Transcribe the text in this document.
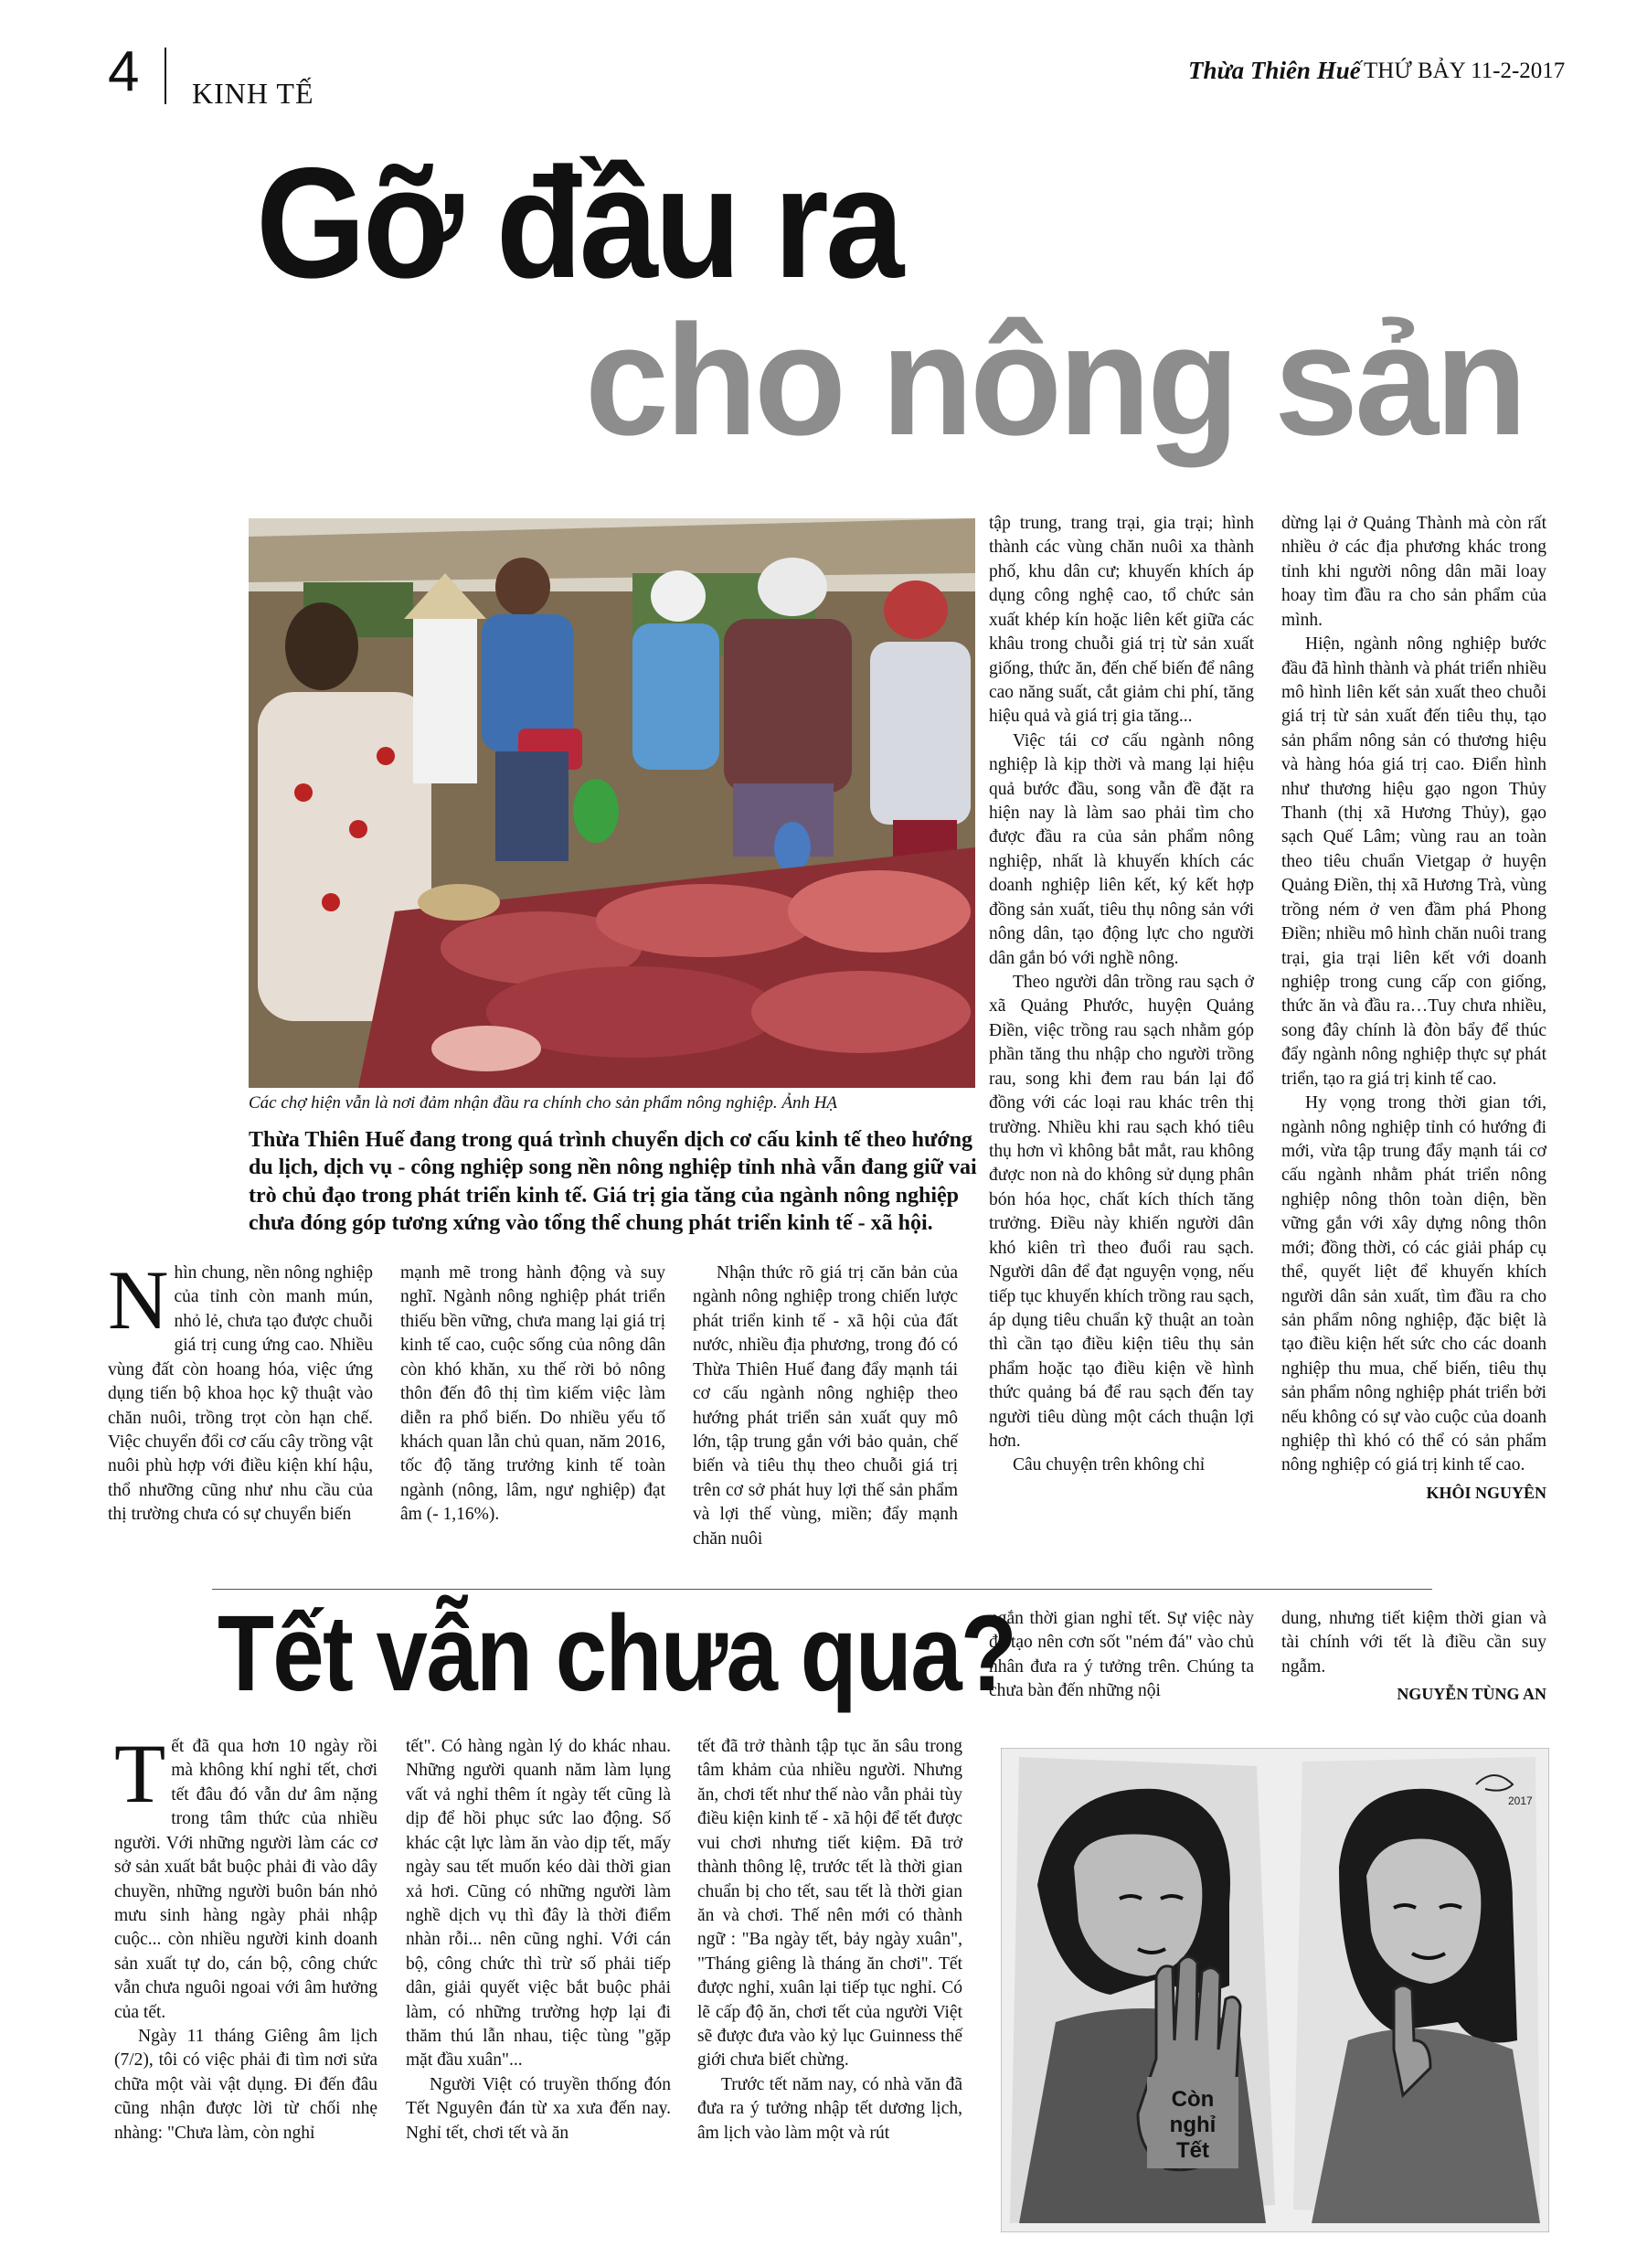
4 KINH TẾ
Thừa Thiên Huế THỨ BẢY 11-2-2017
Gỡ đầu ra
cho nông sản
Các chợ hiện vẫn là nơi đảm nhận đầu ra chính cho sản phẩm nông nghiệp. Ảnh HẠ
Thừa Thiên Huế đang trong quá trình chuyển dịch cơ cấu kinh tế theo hướng du lịch, dịch vụ - công nghiệp song nền nông nghiệp tỉnh nhà vẫn đang giữ vai trò chủ đạo trong phát triển kinh tế. Giá trị gia tăng của ngành nông nghiệp chưa đóng góp tương xứng vào tổng thể chung phát triển kinh tế - xã hội.

Nhìn chung, nền nông nghiệp của tỉnh còn manh mún, nhỏ lẻ, chưa tạo được chuỗi giá trị cung ứng cao. Nhiều vùng đất còn hoang hóa, việc ứng dụng tiến bộ khoa học kỹ thuật vào chăn nuôi, trồng trọt còn hạn chế. Việc chuyển đổi cơ cấu cây trồng vật nuôi phù hợp với điều kiện khí hậu, thổ nhưỡng cũng như nhu cầu của thị trường chưa có sự chuyển biến

mạnh mẽ trong hành động và suy nghĩ. Ngành nông nghiệp phát triển thiếu bền vững, chưa mang lại giá trị kinh tế cao, cuộc sống của nông dân còn khó khăn, xu thế rời bỏ nông thôn đến đô thị tìm kiếm việc làm diễn ra phổ biến. Do nhiều yếu tố khách quan lẫn chủ quan, năm 2016, tốc độ tăng trưởng kinh tế toàn ngành (nông, lâm, ngư nghiệp) đạt âm (- 1,16%).

Nhận thức rõ giá trị căn bản của ngành nông nghiệp trong chiến lược phát triển kinh tế - xã hội của đất nước, nhiều địa phương, trong đó có Thừa Thiên Huế đang đẩy mạnh tái cơ cấu ngành nông nghiệp theo hướng phát triển sản xuất quy mô lớn, tập trung gắn với bảo quản, chế biến và tiêu thụ theo chuỗi giá trị trên cơ sở phát huy lợi thế sản phẩm và lợi thế vùng, miền; đẩy mạnh chăn nuôi

tập trung, trang trại, gia trại; hình thành các vùng chăn nuôi xa thành phố, khu dân cư; khuyến khích áp dụng công nghệ cao, tổ chức sản xuất khép kín hoặc liên kết giữa các khâu trong chuỗi giá trị từ sản xuất giống, thức ăn, đến chế biến để nâng cao năng suất, cắt giảm chi phí, tăng hiệu quả và giá trị gia tăng...

Việc tái cơ cấu ngành nông nghiệp là kịp thời và mang lại hiệu quả bước đầu, song vẫn đề đặt ra hiện nay là làm sao phải tìm cho được đầu ra của sản phẩm nông nghiệp, nhất là khuyến khích các doanh nghiệp liên kết, ký kết hợp đồng sản xuất, tiêu thụ nông sản với nông dân, tạo động lực cho người dân gắn bó với nghề nông.

Theo người dân trồng rau sạch ở xã Quảng Phước, huyện Quảng Điền, việc trồng rau sạch nhằm góp phần tăng thu nhập cho người trồng rau, song khi đem rau bán lại đổ đồng với các loại rau khác trên thị trường. Nhiều khi rau sạch khó tiêu thụ hơn vì không bắt mắt, rau không được non nà do không sử dụng phân bón hóa học, chất kích thích tăng trưởng. Điều này khiến người dân khó kiên trì theo đuổi rau sạch. Người dân để đạt nguyện vọng, nếu tiếp tục khuyến khích trồng rau sạch, áp dụng tiêu chuẩn kỹ thuật an toàn thì cần tạo điều kiện tiêu thụ sản phẩm hoặc tạo điều kiện về hình thức quảng bá để rau sạch đến tay người tiêu dùng một cách thuận lợi hơn.

Câu chuyện trên không chỉ

dừng lại ở Quảng Thành mà còn rất nhiều ở các địa phương khác trong tỉnh khi người nông dân mãi loay hoay tìm đầu ra cho sản phẩm của mình.

Hiện, ngành nông nghiệp bước đầu đã hình thành và phát triển nhiều mô hình liên kết sản xuất theo chuỗi giá trị từ sản xuất đến tiêu thụ, tạo sản phẩm nông sản có thương hiệu và hàng hóa giá trị cao. Điển hình như thương hiệu gạo ngon Thủy Thanh (thị xã Hương Thủy), gạo sạch Quế Lâm; vùng rau an toàn theo tiêu chuẩn Vietgap ở huyện Quảng Điền, thị xã Hương Trà, vùng trồng ném ở ven đầm phá Phong Điền; nhiều mô hình chăn nuôi trang trại, gia trại liên kết với doanh nghiệp trong cung cấp con giống, thức ăn và đầu ra…Tuy chưa nhiều, song đây chính là đòn bẩy để thúc đẩy ngành nông nghiệp thực sự phát triển, tạo ra giá trị kinh tế cao.

Hy vọng trong thời gian tới, ngành nông nghiệp tỉnh có hướng đi mới, vừa tập trung đẩy mạnh tái cơ cấu ngành nhằm phát triển nông nghiệp nông thôn toàn diện, bền vững gắn với xây dựng nông thôn mới; đồng thời, có các giải pháp cụ thể, quyết liệt để khuyến khích người dân sản xuất, tìm đầu ra cho sản phẩm nông nghiệp, đặc biệt là tạo điều kiện hết sức cho các doanh nghiệp thu mua, chế biến, tiêu thụ sản phẩm nông nghiệp phát triển bởi nếu không có sự vào cuộc của doanh nghiệp thì khó có thể có sản phẩm nông nghiệp có giá trị kinh tế cao.

KHÔI NGUYÊN
Tết vẫn chưa qua?

Tết đã qua hơn 10 ngày rồi mà không khí nghỉ tết, chơi tết đâu đó vẫn dư âm nặng trong tâm thức của nhiều người. Với những người làm các cơ sở sản xuất bắt buộc phải đi vào dây chuyền, những người buôn bán nhỏ mưu sinh hàng ngày phải nhập cuộc... còn nhiều người kinh doanh sản xuất tự do, cán bộ, công chức vẫn chưa nguôi ngoai với âm hưởng của tết.

Ngày 11 tháng Giêng âm lịch (7/2), tôi có việc phải đi tìm nơi sửa chữa một vài vật dụng. Đi đến đâu cũng nhận được lời từ chối nhẹ nhàng: "Chưa làm, còn nghỉ

tết". Có hàng ngàn lý do khác nhau. Những người quanh năm làm lụng vất vả nghỉ thêm ít ngày tết cũng là dịp để hồi phục sức lao động. Số khác cật lực làm ăn vào dịp tết, mấy ngày sau tết muốn kéo dài thời gian xả hơi. Cũng có những người làm nghề dịch vụ thì đây là thời điểm nhàn rỗi... nên cũng nghỉ. Với cán bộ, công chức thì trừ số phải tiếp dân, giải quyết việc bắt buộc phải làm, có những trường hợp lại đi thăm thú lẫn nhau, tiệc tùng "gặp mặt đầu xuân"...

Người Việt có truyền thống đón Tết Nguyên đán từ xa xưa đến nay. Nghỉ tết, chơi tết và ăn

tết đã trở thành tập tục ăn sâu trong tâm khảm của nhiều người. Nhưng ăn, chơi tết như thế nào vẫn phải tùy điều kiện kinh tế - xã hội để tết được vui chơi nhưng tiết kiệm. Đã trở thành thông lệ, trước tết là thời gian chuẩn bị cho tết, sau tết là thời gian ăn và chơi. Thế nên mới có thành ngữ : "Ba ngày tết, bảy ngày xuân", "Tháng giêng là tháng ăn chơi". Tết được nghỉ, xuân lại tiếp tục nghỉ. Có lẽ cấp độ ăn, chơi tết của người Việt sẽ được đưa vào kỷ lục Guinness thế giới chưa biết chừng.

Trước tết năm nay, có nhà văn đã đưa ra ý tưởng nhập tết dương lịch, âm lịch vào làm một và rút

ngắn thời gian nghỉ tết. Sự việc này đã tạo nên cơn sốt "ném đá" vào chủ nhân đưa ra ý tưởng trên. Chúng ta chưa bàn đến những nội

dung, nhưng tiết kiệm thời gian và tài chính với tết là điều cần suy ngẫm.

NGUYỄN TÙNG AN
Còn
nghỉ
Tết
2017
